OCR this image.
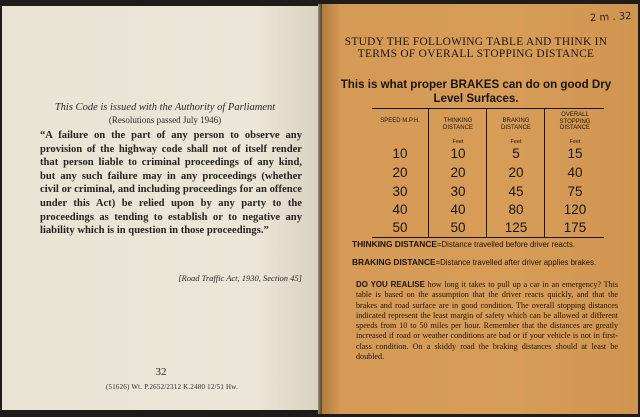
This Code is issued with the Authority of Parliament
(Resolutions passed July 1946)
“A failure on the part of any person to observe any provision of the highway code shall not of itself render that person liable to criminal proceedings of any kind, but any such failure may in any proceedings (whether civil or criminal, and including proceedings for an offence under this Act) be relied upon by any party to the proceedings as tending to establish or to negative any liability which is in question in those proceedings.”
[Road Traffic Act, 1930, Section 45]
32
(51626) Wt. P.2652/2312 K.2480 12/51 Hw.
2 m . 32
STUDY THE FOLLOWING TABLE AND THINK IN TERMS OF OVERALL STOPPING DISTANCE
This is what proper BRAKES can do on good Dry Level Surfaces.
SPEED M.P.H.
10
20
30
40
50
THINKING DISTANCE
Feet
10
20
30
40
50
BRAKING DISTANCE
Feet
5
20
45
80
125
OVERALL STOPPING DISTANCE
Feet
15
40
75
120
175
THINKING DISTANCE=Distance travelled before driver reacts.
BRAKING DISTANCE=Distance travelled after driver applies brakes.
DO YOU REALISE how long it takes to pull up a car in an emergency? This table is based on the assumption that the driver reacts quickly, and that the brakes and road surface are in good condition. The overall stopping distances indicated represent the least margin of safety which can be allowed at different speeds from 10 to 50 miles per hour. Remember that the distances are greatly increased if road or weather conditions are bad or if your vehicle is not in first-class condition. On a skiddy road the braking distances should at least be doubled.
